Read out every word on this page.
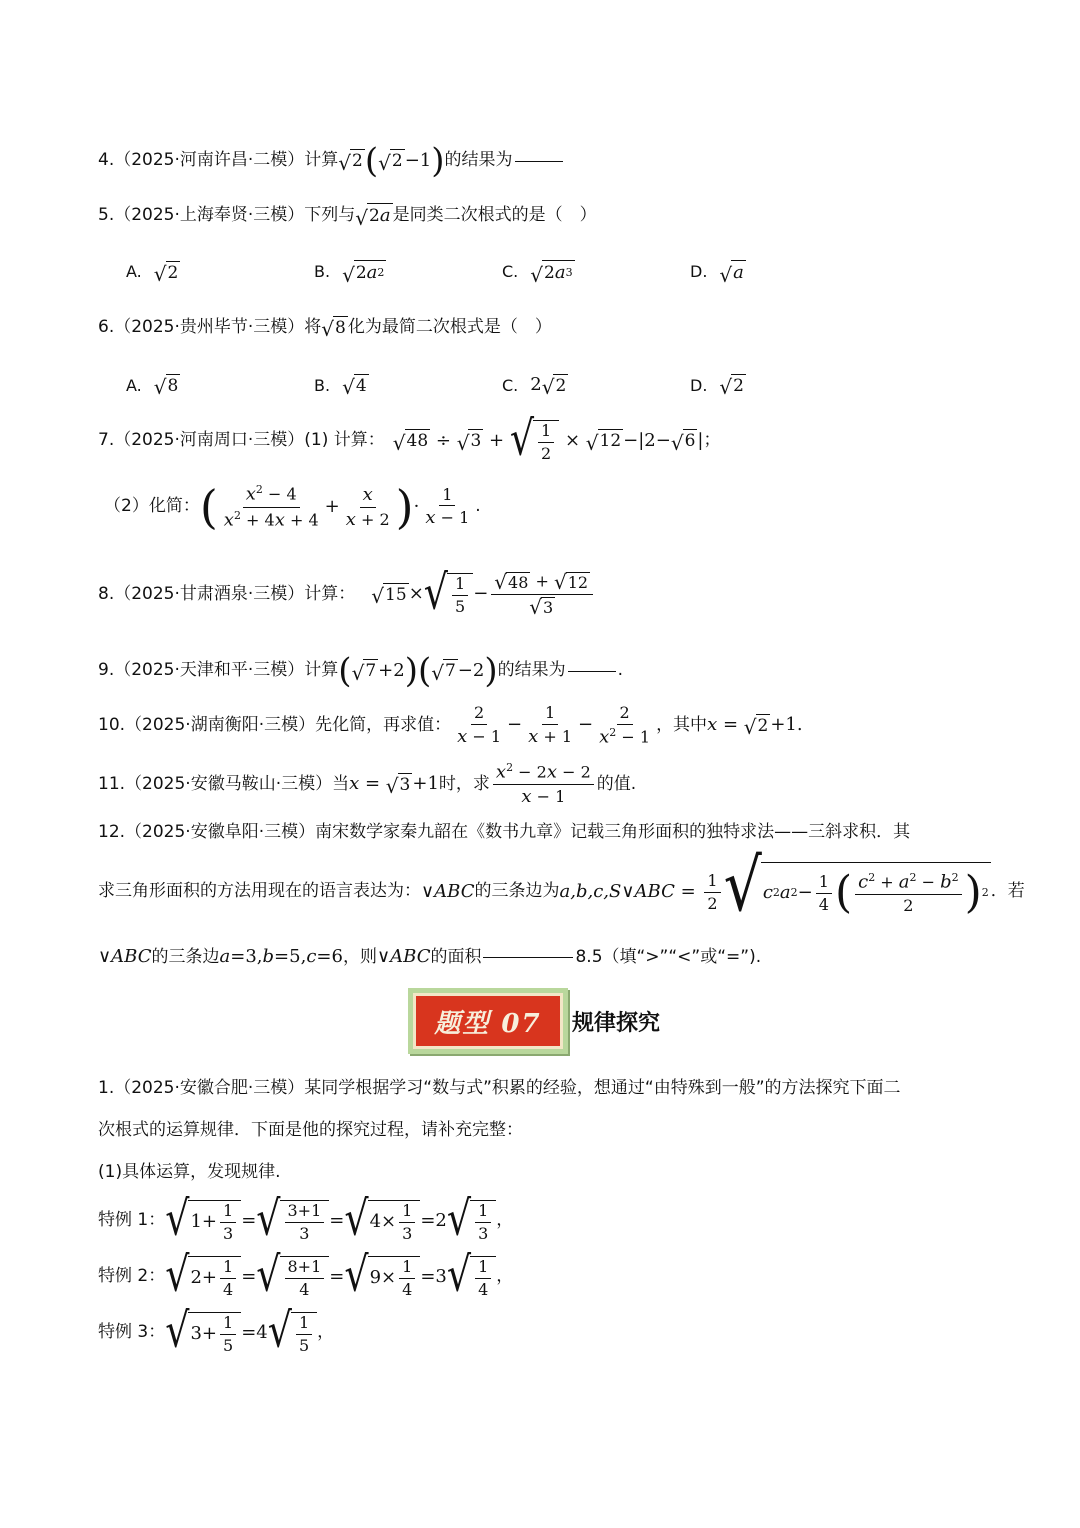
4.（2025·河南许昌·二模）计算 √ 2 ( √ 2 −1 ) 的结果为
5.（2025·上海奉贤·三模）下列与 √ 2 a 是同类二次根式的是（　）
A. √ 2	B. √ 2 a 2	C. √ 2 a 3	D. √ a
6.（2025·贵州毕节·三模）将 √ 8 化为最简二次根式是（　）
A. √ 8	B. √ 4	C. 2 √ 2	D. √ 2
7.（2025·河南周口·三模）(1) 计算： √ 48 ÷ √ 3 + √ $\frac{1}{2}$ × √ 12 −|2− √ 6 | ；
（2）化简： ( $\frac{x^2 - 4}{x^2 + 4x + 4} + \frac{x}{x + 2}$ ) · $\frac{1}{x - 1}$ .
8.（2025·甘肃酒泉·三模）计算： √ 15 × √ $\frac{1}{5} - \frac{√ 48 + √ 12}{√ 3}$
9.（2025·天津和平·三模）计算 ( √ 7 +2 ) ( √ 7 −2 ) 的结果为	.
10.（2025·湖南衡阳·三模）先化简，再求值： $\frac{2}{x - 1} - \frac{1}{x + 1} - \frac{2}{x^2 - 1}$ ，其中 x = √ 2 +1.
11.（2025·安徽马鞍山·三模）当 x = √ 3 +1 时，求 $\frac{x^2 - 2x - 2}{x - 1}$ 的值.
12.（2025·安徽阜阳·三模）南宋数学家秦九韶在《数书九章》记载三角形面积的独特求法——三斜求积．其
求三角形面积的方法用现在的语言表达为： ∨ABC 的三条边为 a,b,c,S ∨ABC = $\frac{1}{2}$ √ c 2 a $2 - \frac{1}{4}$ ( $\frac{c^2 + a^2 - b^2}{2}$ ) 2 ．若
∨ABC 的三条边 a =3, b =5, c =6 ，则 ∨ABC 的面积	8.5（填“>”“<”或“=”).
题型 07	规律探究
1.（2025·安徽合肥·三模）某同学根据学习“数与式”积累的经验，想通过“由特殊到一般”的方法探究下面二
次根式的运算规律．下面是他的探究过程，请补充完整：
(1)具体运算，发现规律.
特例 1： √ $1+ \frac{1}{3}$ = √ $\frac{3+1}{3}$ = √ $4\times \frac{1}{3} =2$ √ $\frac{1}{3}$ ，
特例 2： √ $2+ \frac{1}{4}$ = √ $\frac{8+1}{4}$ = √ $9\times \frac{1}{4} =3$ √ $\frac{1}{4}$ ，
特例 3： √ $3+ \frac{1}{5} =4$ √ $\frac{1}{5}$ ，
